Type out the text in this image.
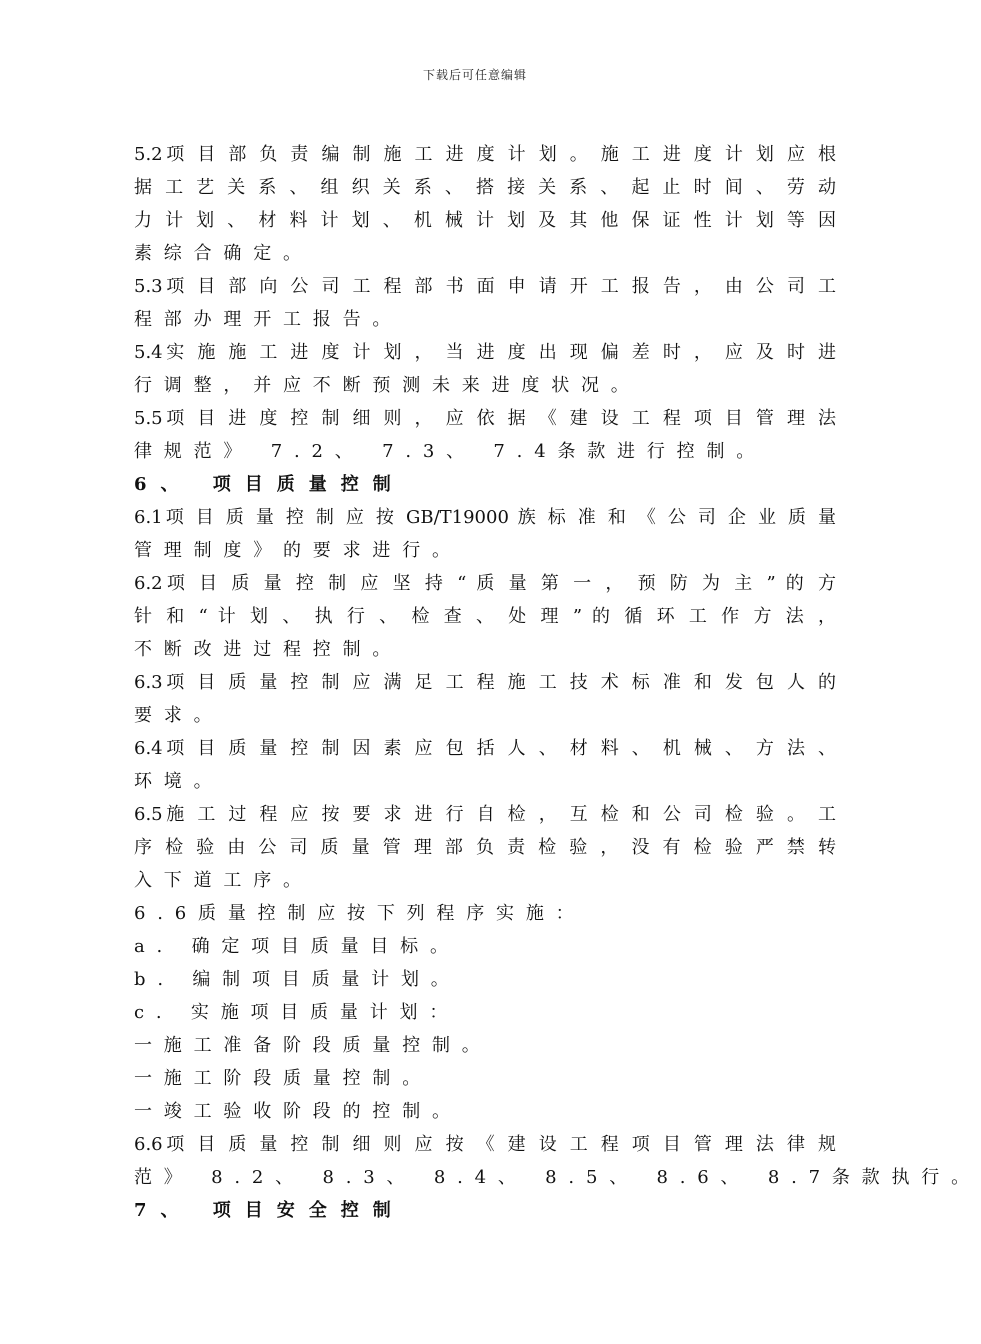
下载后可任意编辑
5.2项 目 部 负 责 编 制 施 工 进 度 计 划 。 施 工 进 度 计 划 应 根
据 工 艺 关 系 、 组 织 关 系 、 搭 接 关 系 、 起 止 时 间 、 劳 动
力 计 划 、 材 料 计 划 、 机 械 计 划 及 其 他 保 证 性 计 划 等 因
素综合确定。
5.3项 目 部 向 公 司 工 程 部 书 面 申 请 开 工 报 告 ， 由 公 司 工
程部办理开工报告。
5.4实 施 施 工 进 度 计 划 ， 当 进 度 出 现 偏 差 时 ， 应 及 时 进
行调整，并应不断预测未来进度状况。
5.5项 目 进 度 控 制 细 则 ， 应 依 据 《 建 设 工 程 项 目 管 理 法
律规范》 7.2、 7.3、 7.4条款进行控制。
6、 项目质量控制
6.1项 目 质 量 控 制 应 按 GB/T19000 族 标 准 和 《 公 司 企 业 质 量
管理制度》的要求进行。
6.2项 目 质 量 控 制 应 坚 持 “ 质 量 第 一 ， 预 防 为 主 ” 的 方
针 和 “ 计 划 、 执 行 、 检 查 、 处 理 ” 的 循 环 工 作 方 法 ，
不断改进过程控制。
6.3项 目 质 量 控 制 应 满 足 工 程 施 工 技 术 标 准 和 发 包 人 的
要求。
6.4项 目 质 量 控 制 因 素 应 包 括 人 、 材 料 、 机 械 、 方 法 、
环境。
6.5施 工 过 程 应 按 要 求 进 行 自 检 ， 互 检 和 公 司 检 验 。 工
序 检 验 由 公 司 质 量 管 理 部 负 责 检 验 ， 没 有 检 验 严 禁 转
入下道工序。
6.6质量控制应按下列程序实施：
a. 确定项目质量目标。
b. 编制项目质量计划。
c. 实施项目质量计划：
一施工准备阶段质量控制。
一施工阶段质量控制。
一竣工验收阶段的控制。
6.6项 目 质 量 控 制 细 则 应 按 《 建 设 工 程 项 目 管 理 法 律 规
范》 8.2、 8.3、 8.4、 8.5、 8.6、 8.7条款执行。
7、 项目安全控制
